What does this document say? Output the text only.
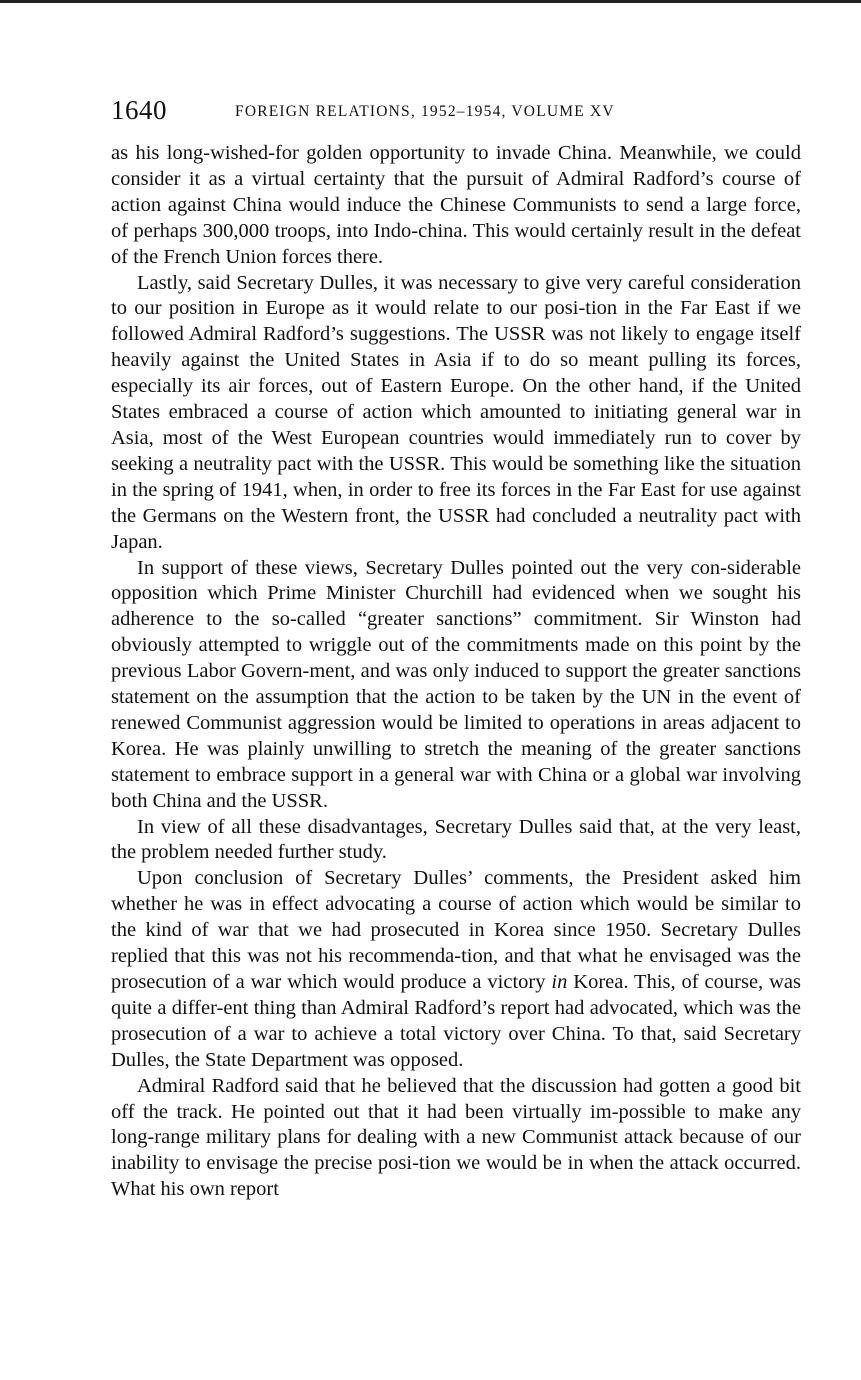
1640	FOREIGN RELATIONS, 1952–1954, VOLUME XV

as his long-wished-for golden opportunity to invade China. Meanwhile, we could consider it as a virtual certainty that the pursuit of Admiral Radford’s course of action against China would induce the Chinese Communists to send a large force, of perhaps 300,000 troops, into Indo-china. This would certainly result in the defeat of the French Union forces there.

Lastly, said Secretary Dulles, it was necessary to give very careful consideration to our position in Europe as it would relate to our posi-tion in the Far East if we followed Admiral Radford’s suggestions. The USSR was not likely to engage itself heavily against the United States in Asia if to do so meant pulling its forces, especially its air forces, out of Eastern Europe. On the other hand, if the United States embraced a course of action which amounted to initiating general war in Asia, most of the West European countries would immediately run to cover by seeking a neutrality pact with the USSR. This would be something like the situation in the spring of 1941, when, in order to free its forces in the Far East for use against the Germans on the Western front, the USSR had concluded a neutrality pact with Japan.

In support of these views, Secretary Dulles pointed out the very con-siderable opposition which Prime Minister Churchill had evidenced when we sought his adherence to the so-called “greater sanctions” commitment. Sir Winston had obviously attempted to wriggle out of the commitments made on this point by the previous Labor Govern-ment, and was only induced to support the greater sanctions statement on the assumption that the action to be taken by the UN in the event of renewed Communist aggression would be limited to operations in areas adjacent to Korea. He was plainly unwilling to stretch the meaning of the greater sanctions statement to embrace support in a general war with China or a global war involving both China and the USSR.

In view of all these disadvantages, Secretary Dulles said that, at the very least, the problem needed further study.

Upon conclusion of Secretary Dulles’ comments, the President asked him whether he was in effect advocating a course of action which would be similar to the kind of war that we had prosecuted in Korea since 1950. Secretary Dulles replied that this was not his recommenda-tion, and that what he envisaged was the prosecution of a war which would produce a victory in Korea. This, of course, was quite a differ-ent thing than Admiral Radford’s report had advocated, which was the prosecution of a war to achieve a total victory over China. To that, said Secretary Dulles, the State Department was opposed.

Admiral Radford said that he believed that the discussion had gotten a good bit off the track. He pointed out that it had been virtually im-possible to make any long-range military plans for dealing with a new Communist attack because of our inability to envisage the precise posi-tion we would be in when the attack occurred. What his own report
